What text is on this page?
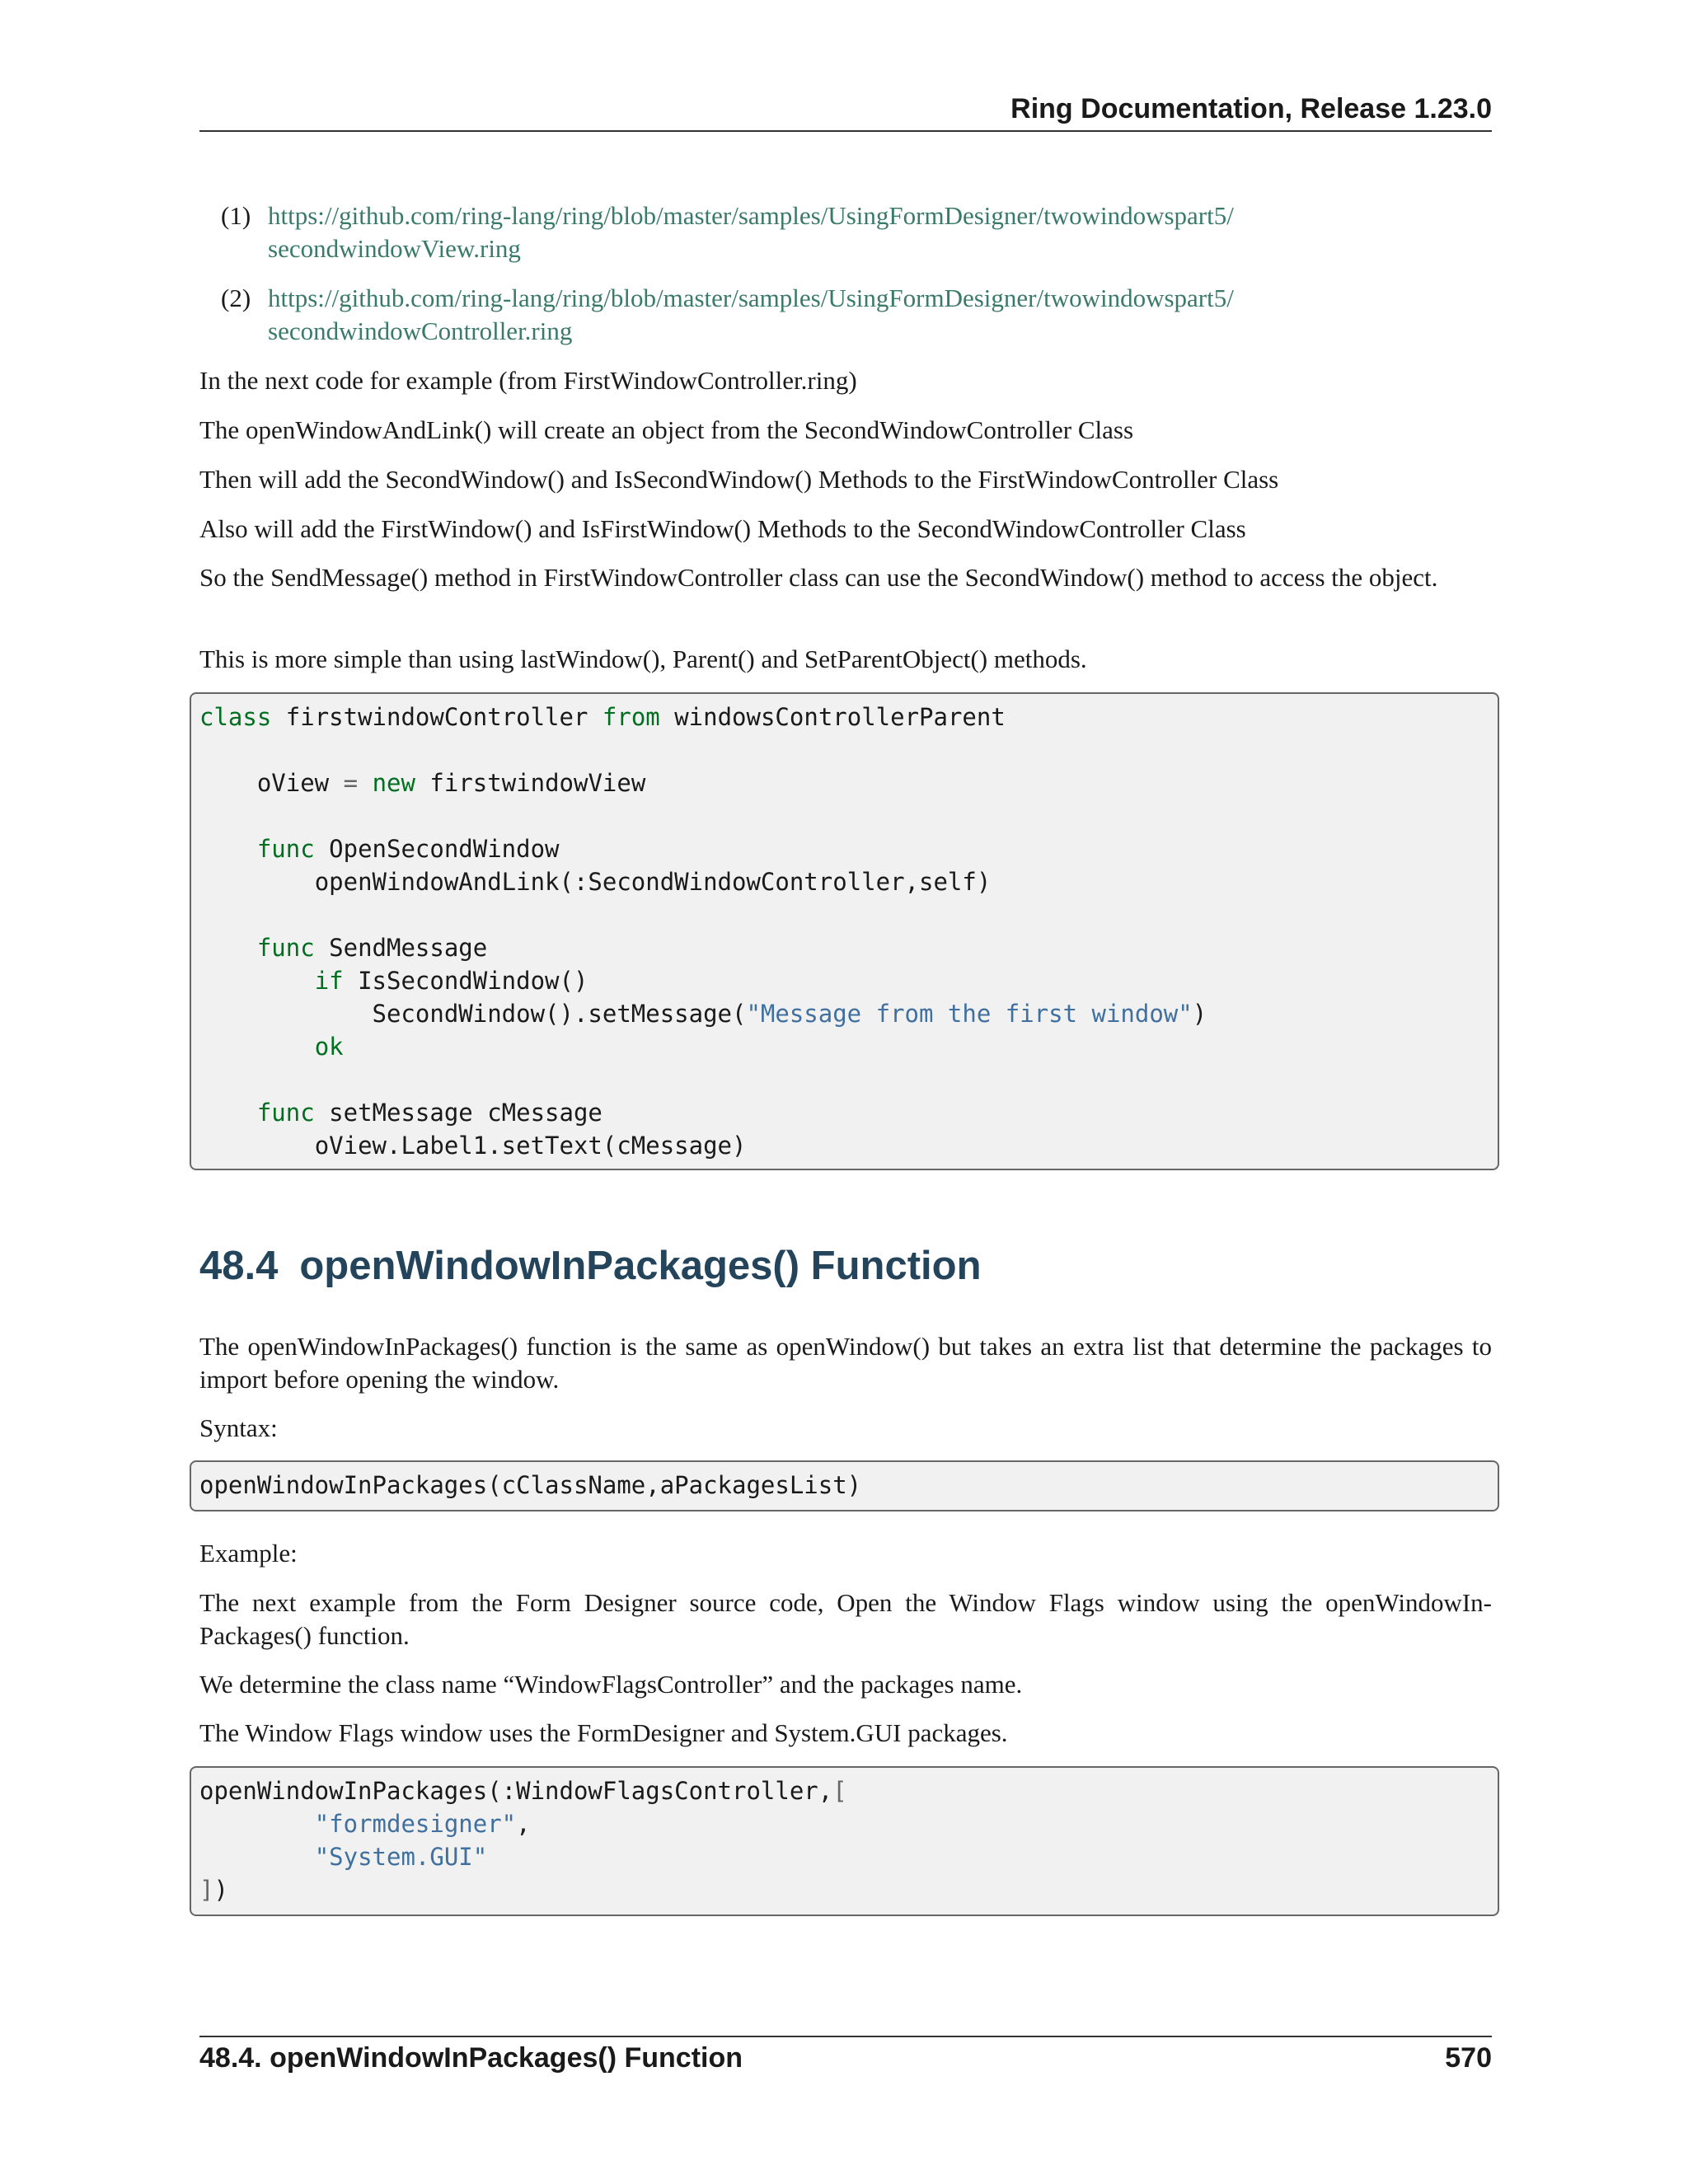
Ring Documentation, Release 1.23.0
(1) https://github.com/ring-lang/ring/blob/master/samples/UsingFormDesigner/twowindowspart5/
secondwindowView.ring
(2) https://github.com/ring-lang/ring/blob/master/samples/UsingFormDesigner/twowindowspart5/
secondwindowController.ring
In the next code for example (from FirstWindowController.ring)
The openWindowAndLink() will create an object from the SecondWindowController Class
Then will add the SecondWindow() and IsSecondWindow() Methods to the FirstWindowController Class
Also will add the FirstWindow() and IsFirstWindow() Methods to the SecondWindowController Class
So the SendMessage() method in FirstWindowController class can use the SecondWindow() method to access the object.
This is more simple than using lastWindow(), Parent() and SetParentObject() methods.
class firstwindowController from windowsControllerParent

oView = new firstwindowView

func OpenSecondWindow
openWindowAndLink(:SecondWindowController,self)

func SendMessage
if IsSecondWindow()
SecondWindow().setMessage("Message from the first window")
ok

func setMessage cMessage
oView.Label1.setText(cMessage)
48.4 openWindowInPackages() Function
The openWindowInPackages() function is the same as openWindow() but takes an extra list that determine the packages to import before opening the window.
Syntax:
openWindowInPackages(cClassName,aPackagesList)
Example:
The next example from the Form Designer source code, Open the Window Flags window using the openWindowIn- Packages() function.
We determine the class name “WindowFlagsController” and the packages name.
The Window Flags window uses the FormDesigner and System.GUI packages.
openWindowInPackages(:WindowFlagsController,[
"formdesigner",
"System.GUI"
])
48.4. openWindowInPackages() Function	570
